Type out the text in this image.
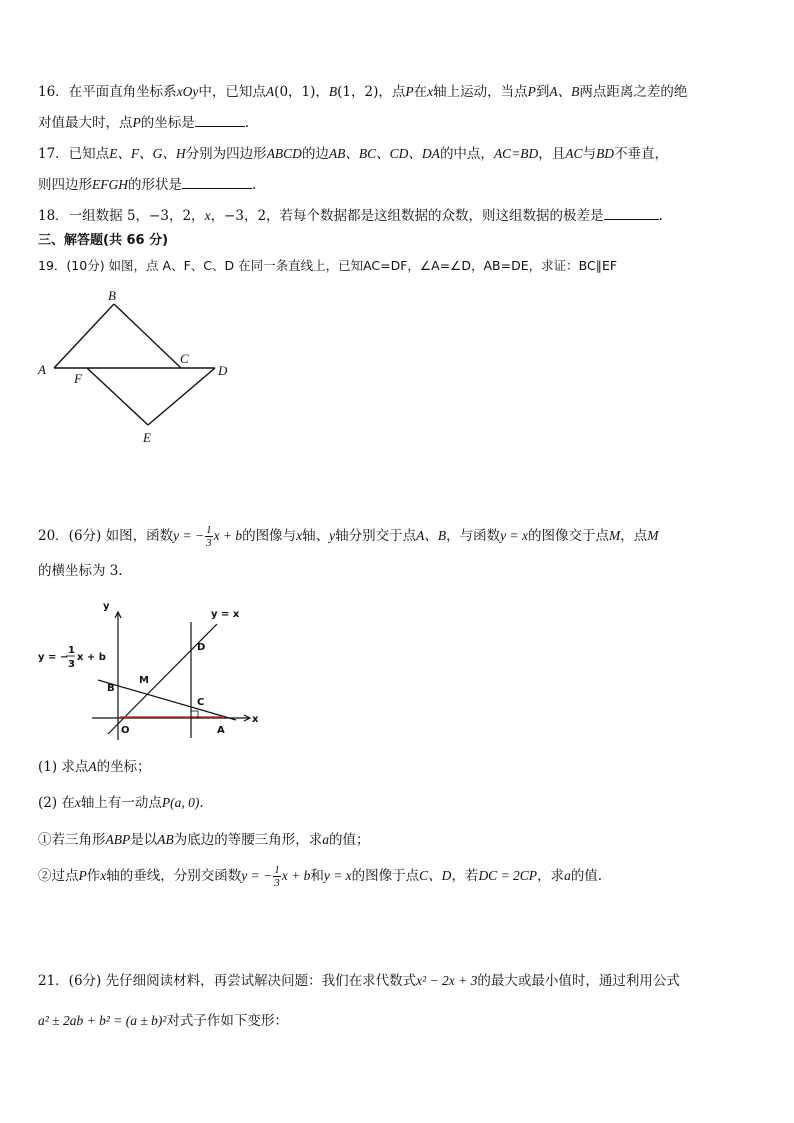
16．在平面直角坐标系xOy中，已知点A(0，1)，B(1，2)，点P在x轴上运动，当点P到A、B两点距离之差的绝
对值最大时，点P的坐标是	.
17．已知点E、F、G、H分别为四边形ABCD的边AB、BC、CD、DA的中点，AC=BD，且AC与BD不垂直，
则四边形EFGH的形状是	.
18．一组数据 5，−3，2，x，−3，2，若每个数据都是这组数据的众数，则这组数据的极差是	.
三、解答题(共 66 分)
19．(10分) 如图，点 A、F、C、D 在同一条直线上，已知AC=DF，∠A=∠D，AB=DE，求证：BC∥EF
B
A
F
C
D
E
20．(6分) 如图，函数y = − $\frac{1}{3}$ x + b的图像与x轴、y轴分别交于点A、B，与函数y = x的图像交于点M，点M
的横坐标为 3．
y
x
y = x
y = −
1
3
x + b
B
M
D
C
O	A
(1) 求点A的坐标；
(2) 在x轴上有一动点P(a, 0).
①若三角形ABP是以AB为底边的等腰三角形，求a的值；
②过点P作x轴的垂线，分别交函数y = − $\frac{1}{3}$ x + b和y = x的图像于点C、D，若DC = 2CP，求a的值.
21．(6分) 先仔细阅读材料，再尝试解决问题：我们在求代数式x² − 2x + 3的最大或最小值时，通过利用公式
a² ± 2ab + b² = (a ± b)²对式子作如下变形：
